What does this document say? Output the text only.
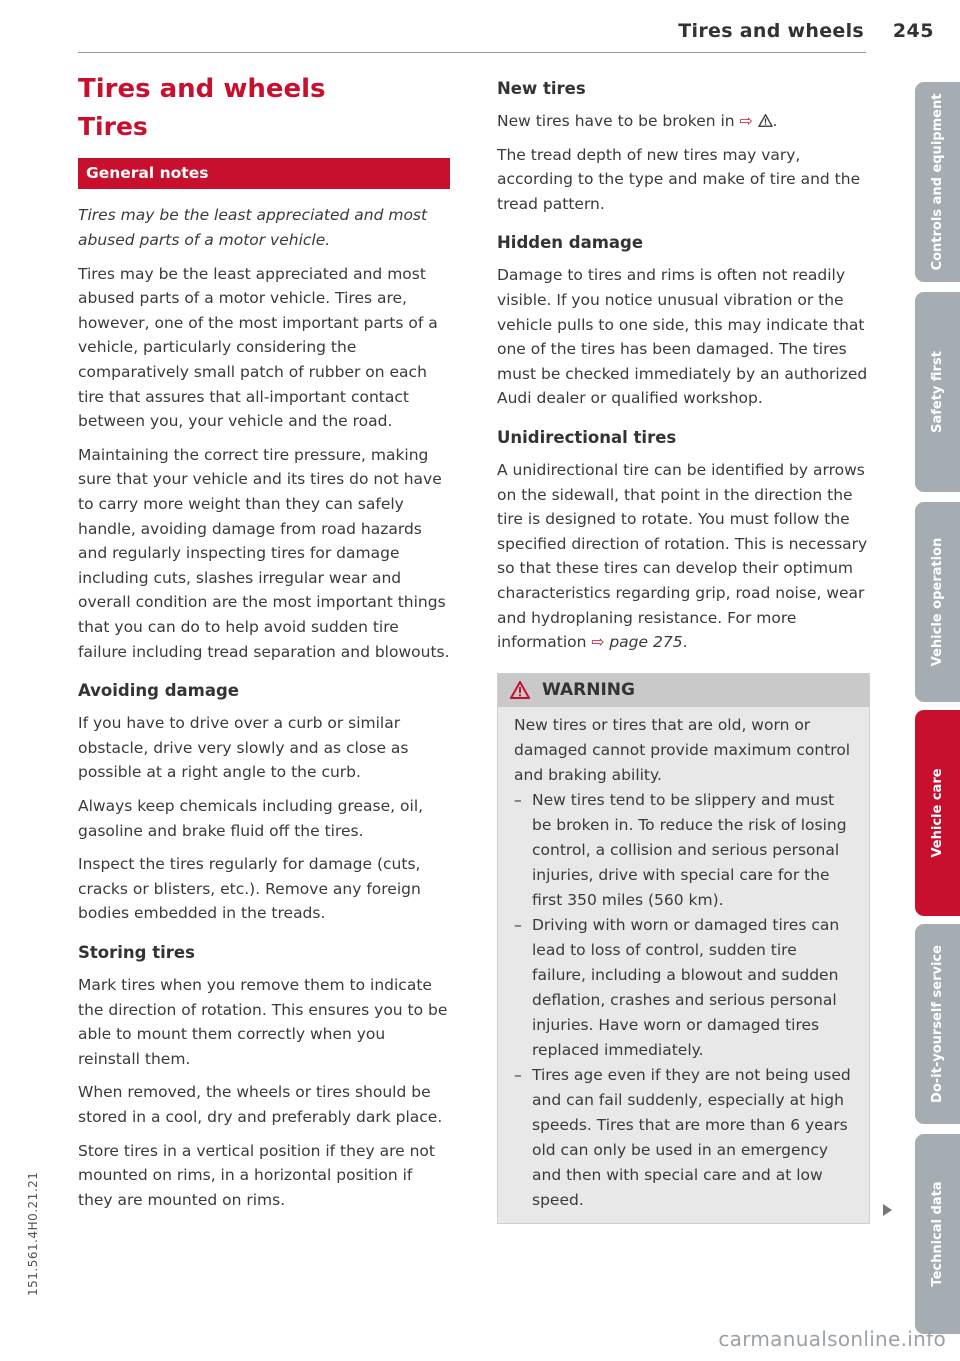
Tires and wheels 245
Tires and wheels
Tires
General notes
Tires may be the least appreciated and most abused parts of a motor vehicle.

Tires may be the least appreciated and most abused parts of a motor vehicle. Tires are, however, one of the most important parts of a vehicle, particularly considering the comparatively small patch of rubber on each tire that assures that all-important contact between you, your vehicle and the road.

Maintaining the correct tire pressure, making sure that your vehicle and its tires do not have to carry more weight than they can safely handle, avoiding damage from road hazards and regularly inspecting tires for damage including cuts, slashes irregular wear and overall condition are the most important things that you can do to help avoid sudden tire failure including tread separation and blowouts.

Avoiding damage

If you have to drive over a curb or similar obstacle, drive very slowly and as close as possible at a right angle to the curb.

Always keep chemicals including grease, oil, gasoline and brake fluid off the tires.

Inspect the tires regularly for damage (cuts, cracks or blisters, etc.). Remove any foreign bodies embedded in the treads.

Storing tires

Mark tires when you remove them to indicate the direction of rotation. This ensures you to be able to mount them correctly when you reinstall them.

When removed, the wheels or tires should be stored in a cool, dry and preferably dark place.

Store tires in a vertical position if they are not mounted on rims, in a horizontal position if they are mounted on rims.

New tires

New tires have to be broken in ⇨ .

The tread depth of new tires may vary, according to the type and make of tire and the tread pattern.

Hidden damage

Damage to tires and rims is often not readily visible. If you notice unusual vibration or the vehicle pulls to one side, this may indicate that one of the tires has been damaged. The tires must be checked immediately by an authorized Audi dealer or qualified workshop.

Unidirectional tires

A unidirectional tire can be identified by arrows on the sidewall, that point in the direction the tire is designed to rotate. You must follow the specified direction of rotation. This is necessary so that these tires can develop their optimum characteristics regarding grip, road noise, wear and hydroplaning resistance. For more information ⇨ page 275.

WARNING

New tires or tires that are old, worn or damaged cannot provide maximum control and braking ability.

– New tires tend to be slippery and must be broken in. To reduce the risk of losing control, a collision and serious personal injuries, drive with special care for the first 350 miles (560 km).
– Driving with worn or damaged tires can lead to loss of control, sudden tire failure, including a blowout and sudden deflation, crashes and serious personal injuries. Have worn or damaged tires replaced immediately.
– Tires age even if they are not being used and can fail suddenly, especially at high speeds. Tires that are more than 6 years old can only be used in an emergency and then with special care and at low speed.
Controls and equipment
Safety first
Vehicle operation
Vehicle care
Do-it-yourself service
Technical data
151.561.4H0.21.21
carmanualsonline.info
